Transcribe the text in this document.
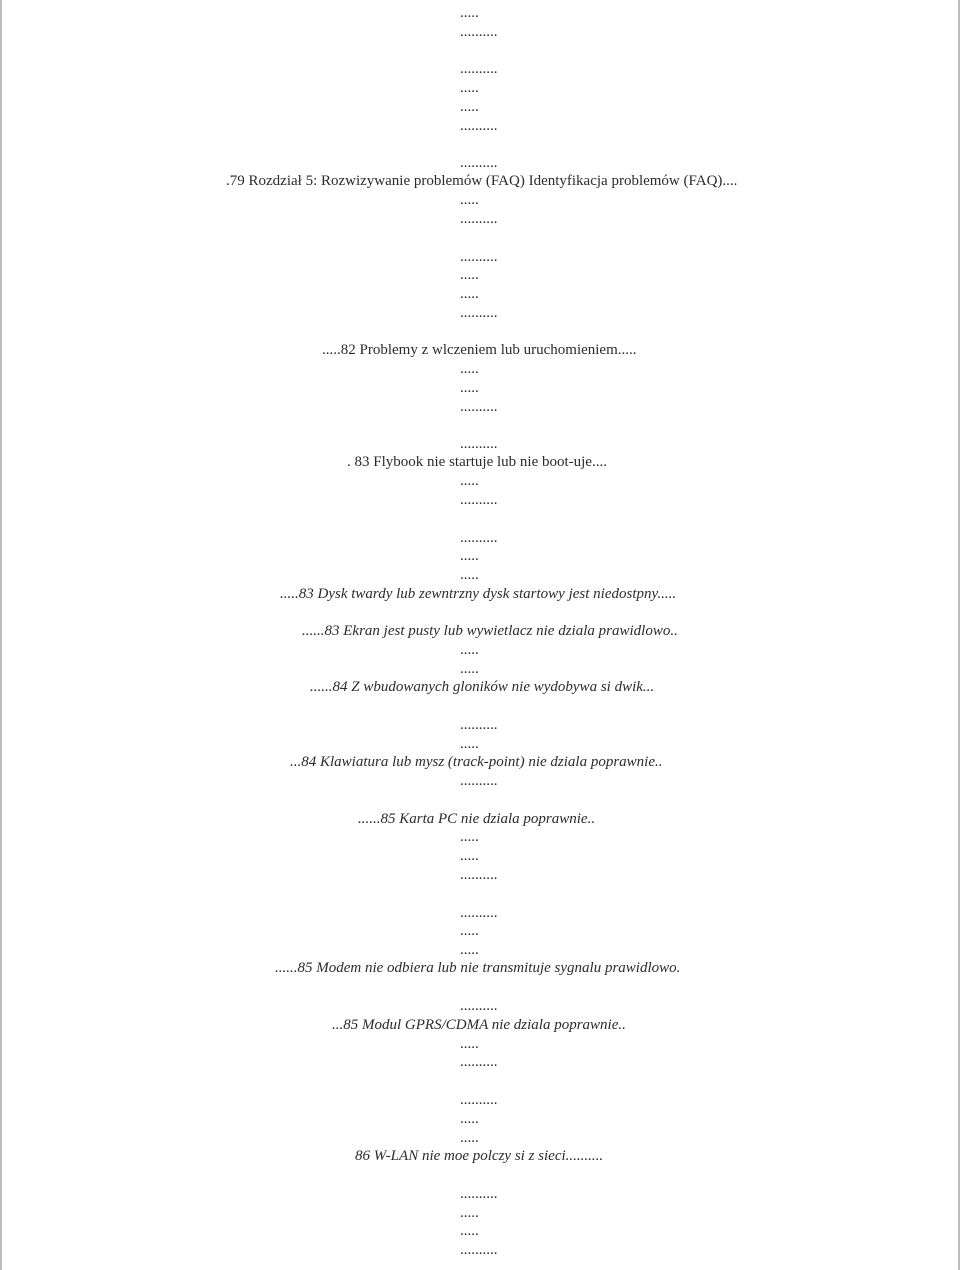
.....
..........
..........
.....
.....
..........
..........
.79 Rozdział 5: Rozwizywanie problemów (FAQ) Identyfikacja problemów (FAQ)....
.....
..........
..........
.....
.....
..........
.....82 Problemy z wlczeniem lub uruchomieniem.....
.....
.....
..........
..........
. 83 Flybook nie startuje lub nie boot-uje....
.....
..........
..........
.....
.....
.....83 Dysk twardy lub zewntrzny dysk startowy jest niedostpny.....
......83 Ekran jest pusty lub wywietlacz nie dziala prawidlowo..
.....
.....
......84 Z wbudowanych gloników nie wydobywa si dwik...
..........
.....
...84 Klawiatura lub mysz (track-point) nie dziala poprawnie..
..........
......85 Karta PC nie dziala poprawnie..
.....
.....
..........
..........
.....
.....
......85 Modem nie odbiera lub nie transmituje sygnalu prawidlowo.
..........
...85 Modul GPRS/CDMA nie dziala poprawnie..
.....
..........
..........
.....
.....
86 W-LAN nie moe polczy si z sieci..........
..........
.....
.....
..........
